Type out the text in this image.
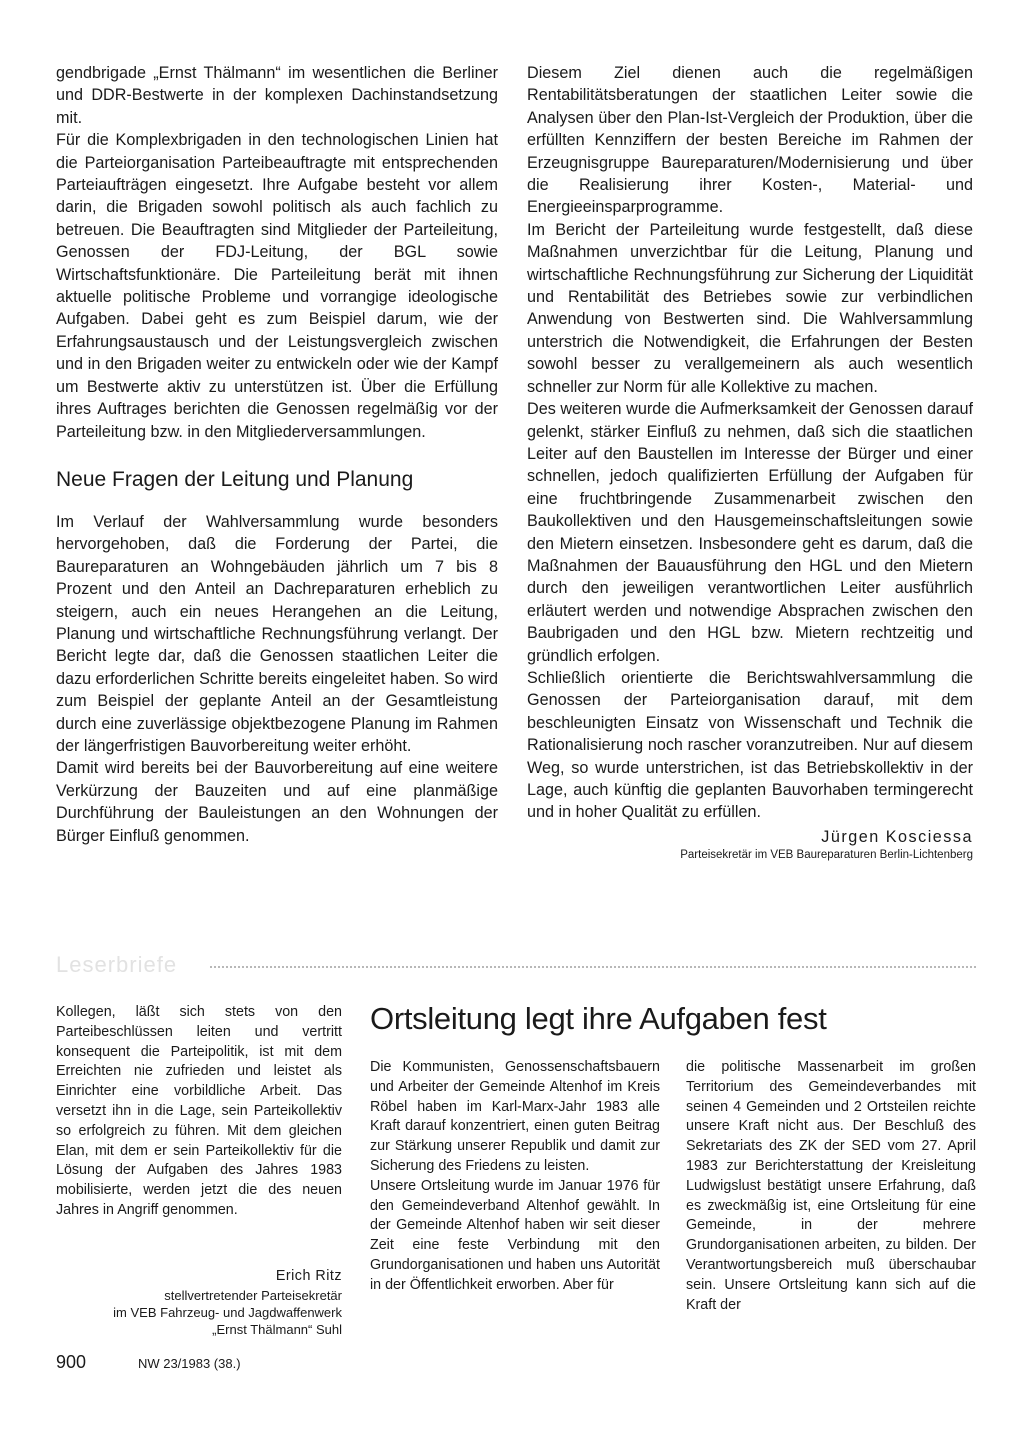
gendbrigade „Ernst Thälmann“ im wesentlichen die Berliner und DDR-Bestwerte in der komplexen Dachinstandsetzung mit.

Für die Komplexbrigaden in den technologischen Linien hat die Parteiorganisation Parteibeauftragte mit entsprechenden Parteiaufträgen eingesetzt. Ihre Aufgabe besteht vor allem darin, die Brigaden sowohl politisch als auch fachlich zu betreuen. Die Beauftragten sind Mitglieder der Parteileitung, Genossen der FDJ-Leitung, der BGL sowie Wirtschaftsfunktionäre. Die Parteileitung berät mit ihnen aktuelle politische Probleme und vorrangige ideologische Aufgaben. Dabei geht es zum Beispiel darum, wie der Erfahrungsaustausch und der Leistungsvergleich zwischen und in den Brigaden weiter zu entwickeln oder wie der Kampf um Bestwerte aktiv zu unterstützen ist. Über die Erfüllung ihres Auftrages berichten die Genossen regelmäßig vor der Parteileitung bzw. in den Mitgliederversammlungen.

Neue Fragen der Leitung und Planung

Im Verlauf der Wahlversammlung wurde besonders hervorgehoben, daß die Forderung der Partei, die Baureparaturen an Wohngebäuden jährlich um 7 bis 8 Prozent und den Anteil an Dachreparaturen erheblich zu steigern, auch ein neues Herangehen an die Leitung, Planung und wirtschaftliche Rechnungsführung verlangt. Der Bericht legte dar, daß die Genossen staatlichen Leiter die dazu erforderlichen Schritte bereits eingeleitet haben. So wird zum Beispiel der geplante Anteil an der Gesamtleistung durch eine zuverlässige objektbezogene Planung im Rahmen der längerfristigen Bauvorbereitung weiter erhöht.

Damit wird bereits bei der Bauvorbereitung auf eine weitere Verkürzung der Bauzeiten und auf eine planmäßige Durchführung der Bauleistungen an den Wohnungen der Bürger Einfluß genommen.

Diesem Ziel dienen auch die regelmäßigen Rentabilitätsberatungen der staatlichen Leiter sowie die Analysen über den Plan-Ist-Vergleich der Produktion, über die erfüllten Kennziffern der besten Bereiche im Rahmen der Erzeugnisgruppe Baureparaturen/Modernisierung und über die Realisierung ihrer Kosten-, Material- und Energieeinsparprogramme.

Im Bericht der Parteileitung wurde festgestellt, daß diese Maßnahmen unverzichtbar für die Leitung, Planung und wirtschaftliche Rechnungsführung zur Sicherung der Liquidität und Rentabilität des Betriebes sowie zur verbindlichen Anwendung von Bestwerten sind. Die Wahlversammlung unterstrich die Notwendigkeit, die Erfahrungen der Besten sowohl besser zu verallgemeinern als auch wesentlich schneller zur Norm für alle Kollektive zu machen.

Des weiteren wurde die Aufmerksamkeit der Genossen darauf gelenkt, stärker Einfluß zu nehmen, daß sich die staatlichen Leiter auf den Baustellen im Interesse der Bürger und einer schnellen, jedoch qualifizierten Erfüllung der Aufgaben für eine fruchtbringende Zusammenarbeit zwischen den Baukollektiven und den Hausgemeinschaftsleitungen sowie den Mietern einsetzen. Insbesondere geht es darum, daß die Maßnahmen der Bauausführung den HGL und den Mietern durch den jeweiligen verantwortlichen Leiter ausführlich erläutert werden und notwendige Absprachen zwischen den Baubrigaden und den HGL bzw. Mietern rechtzeitig und gründlich erfolgen.

Schließlich orientierte die Berichtswahlversammlung die Genossen der Parteiorganisation darauf, mit dem beschleunigten Einsatz von Wissenschaft und Technik die Rationalisierung noch rascher voranzutreiben. Nur auf diesem Weg, so wurde unterstrichen, ist das Betriebskollektiv in der Lage, auch künftig die geplanten Bauvorhaben termingerecht und in hoher Qualität zu erfüllen.

Jürgen Kosciessa
Parteisekretär im VEB Baureparaturen Berlin-Lichtenberg
Leserbriefe

Kollegen, läßt sich stets von den Parteibeschlüssen leiten und vertritt konsequent die Parteipolitik, ist mit dem Erreichten nie zufrieden und leistet als Einrichter eine vorbildliche Arbeit. Das versetzt ihn in die Lage, sein Parteikollektiv so erfolgreich zu führen. Mit dem gleichen Elan, mit dem er sein Parteikollektiv für die Lösung der Aufgaben des Jahres 1983 mobilisierte, werden jetzt die des neuen Jahres in Angriff genommen.

Erich Ritz
stellvertretender Parteisekretär
im VEB Fahrzeug- und Jagdwaffenwerk
„Ernst Thälmann“ Suhl
Ortsleitung legt ihre Aufgaben fest

Die Kommunisten, Genossenschaftsbauern und Arbeiter der Gemeinde Altenhof im Kreis Röbel haben im Karl-Marx-Jahr 1983 alle Kraft darauf konzentriert, einen guten Beitrag zur Stärkung unserer Republik und damit zur Sicherung des Friedens zu leisten.

Unsere Ortsleitung wurde im Januar 1976 für den Gemeindeverband Altenhof gewählt. In der Gemeinde Altenhof haben wir seit dieser Zeit eine feste Verbindung mit den Grundorganisationen und haben uns Autorität in der Öffentlichkeit erworben. Aber für

die politische Massenarbeit im großen Territorium des Gemeindeverbandes mit seinen 4 Gemeinden und 2 Ortsteilen reichte unsere Kraft nicht aus. Der Beschluß des Sekretariats des ZK der SED vom 27. April 1983 zur Berichterstattung der Kreisleitung Ludwigslust bestätigt unsere Erfahrung, daß es zweckmäßig ist, eine Ortsleitung für eine Gemeinde, in der mehrere Grundorganisationen arbeiten, zu bilden. Der Verantwortungsbereich muß überschaubar sein. Unsere Ortsleitung kann sich auf die Kraft der

900	NW 23/1983 (38.)
